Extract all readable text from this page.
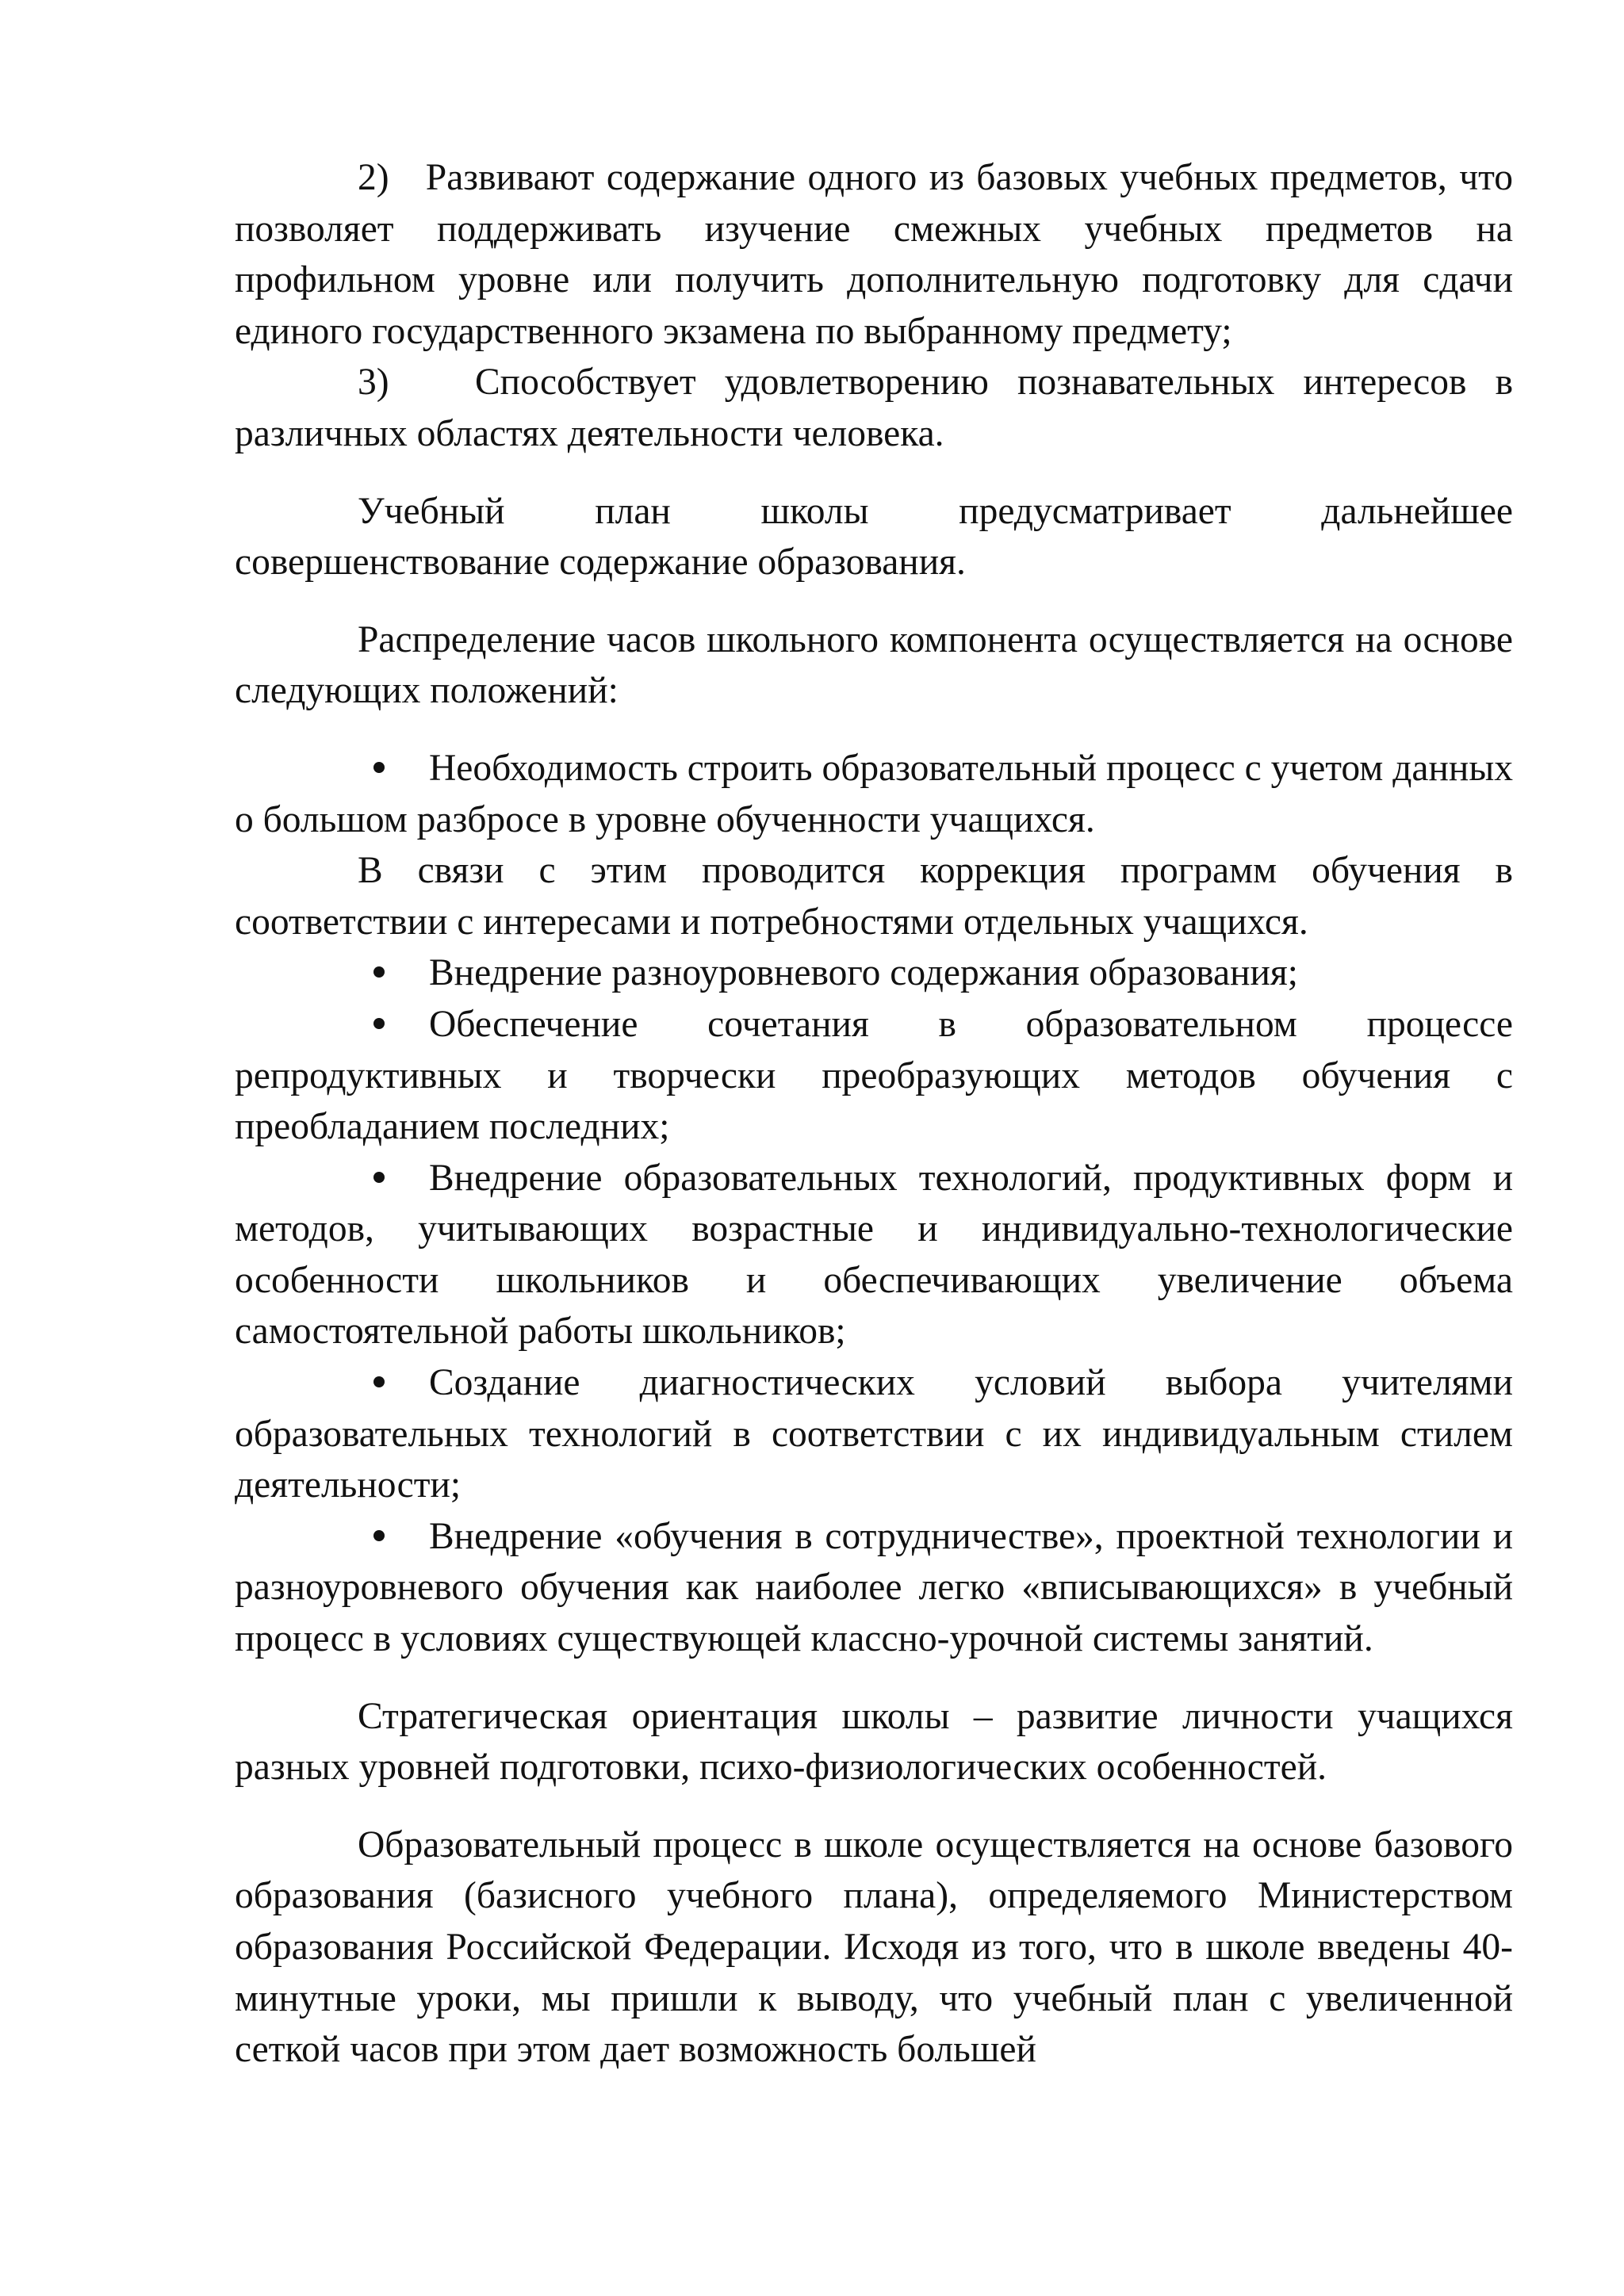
2)   Развивают содержание одного из базовых учебных предметов, что позволяет поддерживать изучение смежных учебных предметов на профильном уровне или получить дополнительную подготовку для сдачи единого государственного экзамена по выбранному предмету;

3)   Способствует удовлетворению познавательных интересов в различных областях деятельности человека.

Учебный план школы предусматривает дальнейшее совершенствование содержание образования.

Распределение часов школьного компонента осуществляется на основе следующих положений:

Необходимость строить образовательный процесс с учетом данных о большом разбросе в уровне обученности учащихся.

В связи с этим проводится коррекция программ обучения в соответствии с интересами и потребностями отдельных учащихся.

Внедрение разноуровневого содержания образования;

Обеспечение сочетания в образовательном процессе репродуктивных и творчески преобразующих методов обучения с преобладанием последних;

Внедрение образовательных технологий, продуктивных форм и методов, учитывающих возрастные и индивидуально-технологические особенности школьников и обеспечивающих увеличение объема самостоятельной работы школьников;

Создание диагностических условий выбора учителями образовательных технологий в соответствии с их индивидуальным стилем деятельности;

Внедрение «обучения в сотрудничестве», проектной технологии и разноуровневого обучения как наиболее легко «вписывающихся» в учебный процесс в условиях существующей классно-урочной системы занятий.

Стратегическая ориентация школы – развитие личности учащихся разных уровней подготовки, психо-физиологических особенностей.

Образовательный процесс в школе осуществляется на основе базового образования (базисного учебного плана), определяемого Министерством образования Российской Федерации. Исходя из того, что в школе введены 40-минутные уроки, мы пришли к выводу, что учебный план с увеличенной сеткой часов при этом дает возможность большей
